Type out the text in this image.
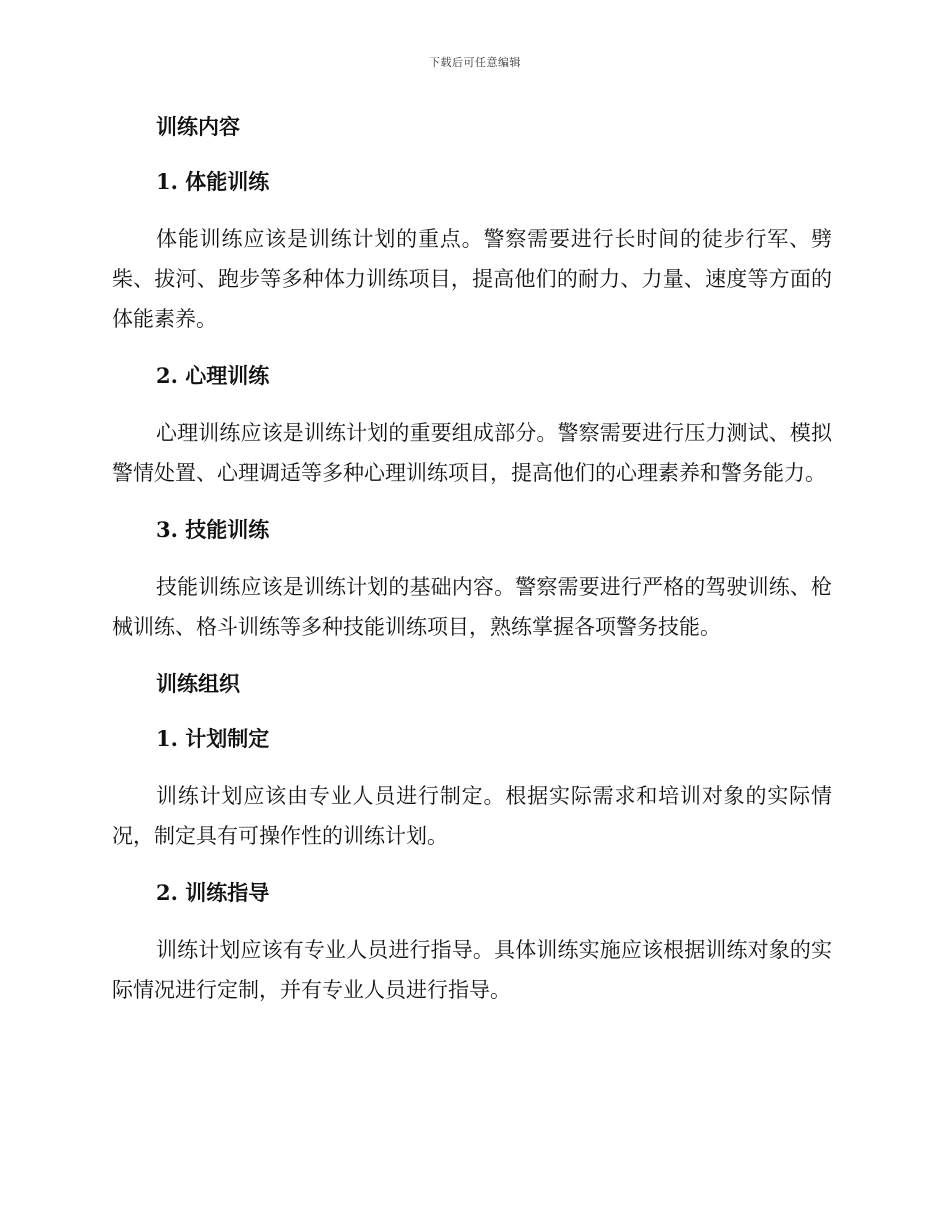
下载后可任意编辑
训练内容
1. 体能训练

体能训练应该是训练计划的重点。警察需要进行长时间的徒步行军、劈柴、拔河、跑步等多种体力训练项目，提高他们的耐力、力量、速度等方面的体能素养。

2. 心理训练

心理训练应该是训练计划的重要组成部分。警察需要进行压力测试、模拟警情处置、心理调适等多种心理训练项目，提高他们的心理素养和警务能力。

3. 技能训练

技能训练应该是训练计划的基础内容。警察需要进行严格的驾驶训练、枪械训练、格斗训练等多种技能训练项目，熟练掌握各项警务技能。

训练组织
1. 计划制定

训练计划应该由专业人员进行制定。根据实际需求和培训对象的实际情况，制定具有可操作性的训练计划。

2. 训练指导

训练计划应该有专业人员进行指导。具体训练实施应该根据训练对象的实际情况进行定制，并有专业人员进行指导。
